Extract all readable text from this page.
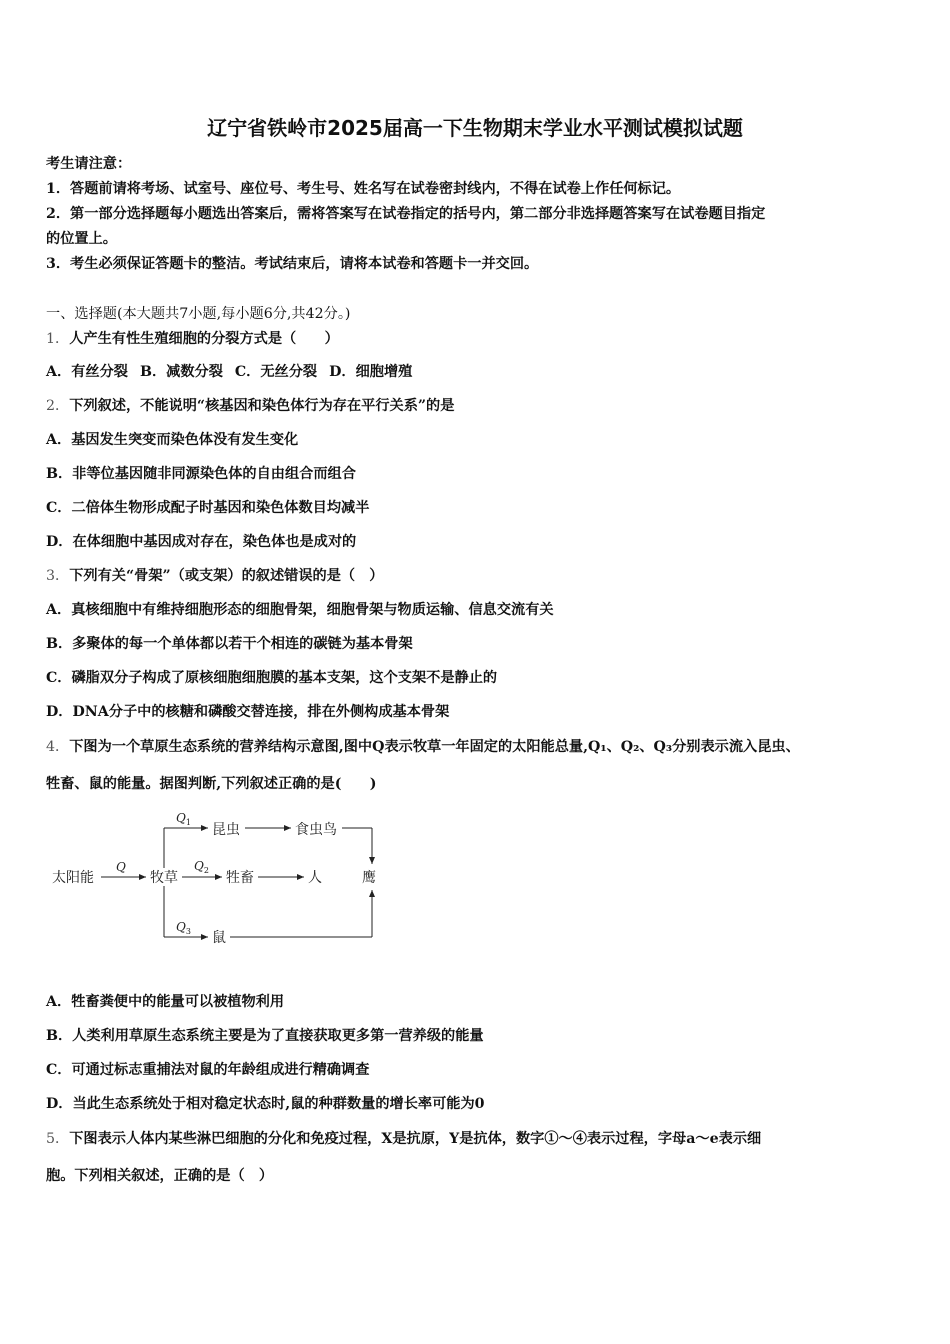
辽宁省铁岭市2025届高一下生物期末学业水平测试模拟试题
考生请注意：
1．答题前请将考场、试室号、座位号、考生号、姓名写在试卷密封线内，不得在试卷上作任何标记。
2．第一部分选择题每小题选出答案后，需将答案写在试卷指定的括号内，第二部分非选择题答案写在试卷题目指定
的位置上。
3．考生必须保证答题卡的整洁。考试结束后，请将本试卷和答题卡一并交回。
一、选择题(本大题共7小题,每小题6分,共42分。)
1．人产生有性生殖细胞的分裂方式是（　　）
A．有丝分裂 B．减数分裂 C．无丝分裂 D．细胞增殖
2．下列叙述，不能说明“核基因和染色体行为存在平行关系”的是
A．基因发生突变而染色体没有发生变化
B．非等位基因随非同源染色体的自由组合而组合
C．二倍体生物形成配子时基因和染色体数目均减半
D．在体细胞中基因成对存在，染色体也是成对的
3．下列有关“骨架”（或支架）的叙述错误的是（　）
A．真核细胞中有维持细胞形态的细胞骨架，细胞骨架与物质运输、信息交流有关
B．多聚体的每一个单体都以若干个相连的碳链为基本骨架
C．磷脂双分子构成了原核细胞细胞膜的基本支架，这个支架不是静止的
D．DNA分子中的核糖和磷酸交替连接，排在外侧构成基本骨架
4．下图为一个草原生态系统的营养结构示意图,图中Q表示牧草一年固定的太阳能总量,Q₁、Q₂、Q₃分别表示流入昆虫、
牲畜、鼠的能量。据图判断,下列叙述正确的是(　　)
太阳能	牧草
昆虫	食虫鸟
牲畜	人	鹰
鼠
Q
$Q_1$
$Q_2$
$Q_3$
A．牲畜粪便中的能量可以被植物利用
B．人类利用草原生态系统主要是为了直接获取更多第一营养级的能量
C．可通过标志重捕法对鼠的年龄组成进行精确调查
D．当此生态系统处于相对稳定状态时,鼠的种群数量的增长率可能为0
5．下图表示人体内某些淋巴细胞的分化和免疫过程，X是抗原，Y是抗体，数字①～④表示过程，字母a～e表示细
胞。下列相关叙述，正确的是（　）
